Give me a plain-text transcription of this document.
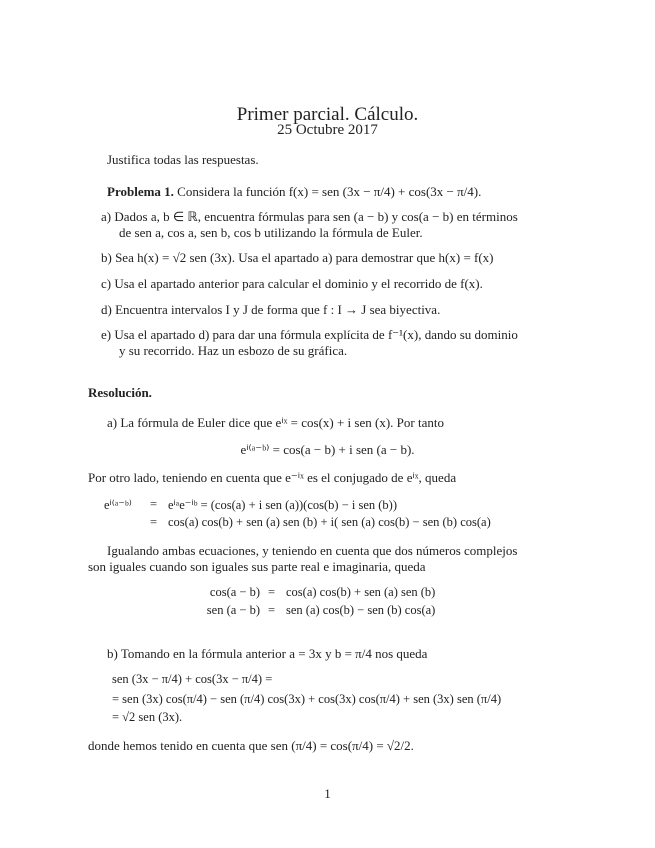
Primer parcial. Cálculo.
25 Octubre 2017
Justifica todas las respuestas.
Problema 1. Considera la función f(x) = sen (3x − π/4) + cos(3x − π/4).
a) Dados a, b ∈ ℝ, encuentra fórmulas para sen (a − b) y cos(a − b) en términos
de sen a, cos a, sen b, cos b utilizando la fórmula de Euler.
b) Sea h(x) = √2 sen (3x). Usa el apartado a) para demostrar que h(x) = f(x)
c) Usa el apartado anterior para calcular el dominio y el recorrido de f(x).
d) Encuentra intervalos I y J de forma que f : I → J sea biyectiva.
e) Usa el apartado d) para dar una fórmula explícita de f⁻¹(x), dando su dominio
y su recorrido. Haz un esbozo de su gráfica.
Resolución.
a) La fórmula de Euler dice que eⁱˣ = cos(x) + i sen (x). Por tanto
eⁱ⁽ᵃ⁻ᵇ⁾ = cos(a − b) + i sen (a − b).
Por otro lado, teniendo en cuenta que e⁻ⁱˣ es el conjugado de eⁱˣ, queda
eⁱ⁽ᵃ⁻ᵇ⁾ = eⁱᵃe⁻ⁱᵇ = (cos(a) + i sen (a))(cos(b) − i sen (b))
= cos(a) cos(b) + sen (a) sen (b) + i( sen (a) cos(b) − sen (b) cos(a)
Igualando ambas ecuaciones, y teniendo en cuenta que dos números complejos
son iguales cuando son iguales sus parte real e imaginaria, queda
cos(a − b) = cos(a) cos(b) + sen (a) sen (b)
sen (a − b) = sen (a) cos(b) − sen (b) cos(a)
b) Tomando en la fórmula anterior a = 3x y b = π/4 nos queda
sen (3x − π/4) + cos(3x − π/4) =
= sen (3x) cos(π/4) − sen (π/4) cos(3x) + cos(3x) cos(π/4) + sen (3x) sen (π/4)
= √2 sen (3x).
donde hemos tenido en cuenta que sen (π/4) = cos(π/4) = √2/2.
1
